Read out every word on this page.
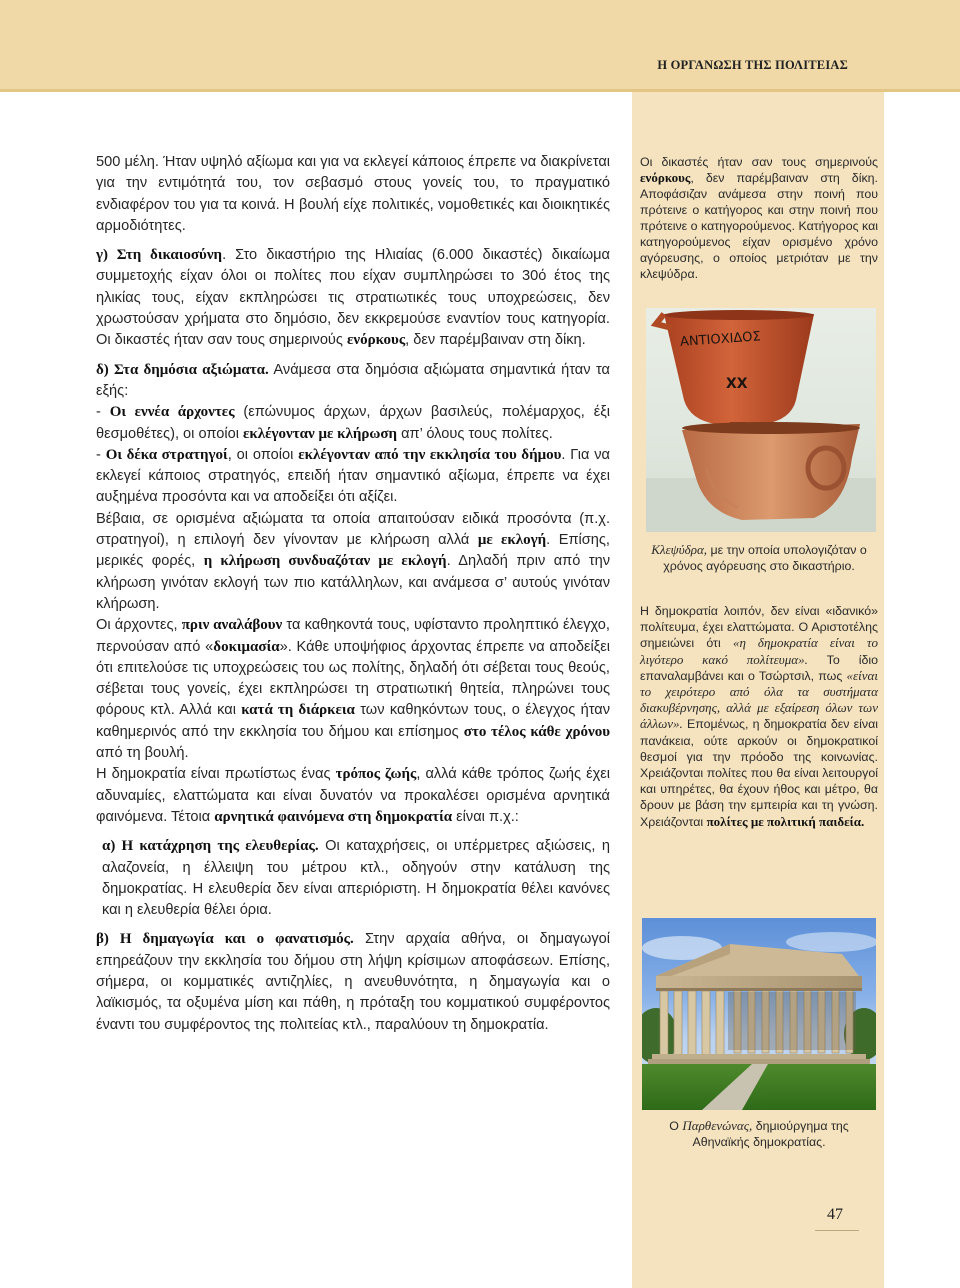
Η ΟΡΓΑΝΩΣΗ ΤΗΣ ΠΟΛΙΤΕΙΑΣ

500 μέλη. Ήταν υψηλό αξίωμα και για να εκλεγεί κάποιος έπρεπε να διακρίνεται για την εντιμότητά του, τον σεβασμό στους γονείς του, το πραγματικό ενδιαφέρον του για τα κοινά. Η βουλή είχε πολιτικές, νομοθετικές και διοικητικές αρμοδιότητες.

γ) Στη δικαιοσύνη. Στο δικαστήριο της Ηλιαίας (6.000 δικαστές) δικαίωμα συμμετοχής είχαν όλοι οι πολίτες που είχαν συμπληρώσει το 30ό έτος της ηλικίας τους, είχαν εκπληρώσει τις στρατιωτικές τους υποχρεώσεις, δεν χρωστούσαν χρήματα στο δημόσιο, δεν εκκρεμούσε εναντίον τους κατηγορία. Οι δικαστές ήταν σαν τους σημερινούς ενόρκους, δεν παρέμβαιναν στη δίκη.

δ) Στα δημόσια αξιώματα. Ανάμεσα στα δημόσια αξιώματα σημαντικά ήταν τα εξής:

- Οι εννέα άρχοντες (επώνυμος άρχων, άρχων βασιλεύς, πολέμαρχος, έξι θεσμοθέτες), οι οποίοι εκλέγονταν με κλήρωση απ’ όλους τους πολίτες.

- Οι δέκα στρατηγοί, οι οποίοι εκλέγονταν από την εκκλησία του δήμου. Για να εκλεγεί κάποιος στρατηγός, επειδή ήταν σημαντικό αξίωμα, έπρεπε να έχει αυξημένα προσόντα και να αποδείξει ότι αξίζει.

Βέβαια, σε ορισμένα αξιώματα τα οποία απαιτούσαν ειδικά προσόντα (π.χ. στρατηγοί), η επιλογή δεν γίνονταν με κλήρωση αλλά με εκλογή. Επίσης, μερικές φορές, η κλήρωση συνδυαζόταν με εκλογή. Δηλαδή πριν από την κλήρωση γινόταν εκλογή των πιο κατάλληλων, και ανάμεσα σ’ αυτούς γινόταν κλήρωση.

Οι άρχοντες, πριν αναλάβουν τα καθηκοντά τους, υφίσταντο προληπτικό έλεγχο, περνούσαν από «δοκιμασία». Κάθε υποψήφιος άρχοντας έπρεπε να αποδείξει ότι επιτελούσε τις υποχρεώσεις του ως πολίτης, δηλαδή ότι σέβεται τους θεούς, σέβεται τους γονείς, έχει εκπληρώσει τη στρατιωτική θητεία, πληρώνει τους φόρους κτλ. Αλλά και κατά τη διάρκεια των καθηκόντων τους, ο έλεγχος ήταν καθημερινός από την εκκλησία του δήμου και επίσημος στο τέλος κάθε χρόνου από τη βουλή.

Η δημοκρατία είναι πρωτίστως ένας τρόπος ζωής, αλλά κάθε τρόπος ζωής έχει αδυναμίες, ελαττώματα και είναι δυνατόν να προκαλέσει ορισμένα αρνητικά φαινόμενα. Τέτοια αρνητικά φαινόμενα στη δημοκρατία είναι π.χ.:

α) Η κατάχρηση της ελευθερίας. Οι καταχρήσεις, οι υπέρμετρες αξιώσεις, η αλαζονεία, η έλλειψη του μέτρου κτλ., οδηγούν στην κατάλυση της δημοκρατίας. Η ελευθερία δεν είναι απεριόριστη. Η δημοκρατία θέλει κανόνες και η ελευθερία θέλει όρια.

β) Η δημαγωγία και ο φανατισμός. Στην αρχαία αθήνα, οι δημαγωγοί επηρεάζουν την εκκλησία του δήμου στη λήψη κρίσιμων αποφάσεων. Επίσης, σήμερα, οι κομματικές αντιζηλίες, η ανευθυνότητα, η δημαγωγία και ο λαϊκισμός, τα οξυμένα μίση και πάθη, η πρόταξη του κομματικού συμφέροντος έναντι του συμφέροντος της πολιτείας κτλ., παραλύουν τη δημοκρατία.

Οι δικαστές ήταν σαν τους σημερινούς ενόρκους, δεν παρέμβαιναν στη δίκη. Αποφάσιζαν ανάμεσα στην ποινή που πρότεινε ο κατήγορος και στην ποινή που πρότεινε ο κατηγορούμενος. Κατήγορος και κατηγορούμενος είχαν ορισμένο χρόνο αγόρευσης, ο οποίος μετριόταν με την κλεψύδρα.
ΑΝΤΙΟΧΙΔΟΣ
ΧΧ
Κλεψύδρα, με την οποία υπολογιζόταν ο χρόνος αγόρευσης στο δικαστήριο.
Η δημοκρατία λοιπόν, δεν είναι «ιδανικό» πολίτευμα, έχει ελαττώματα. Ο Αριστοτέλης σημειώνει ότι «η δημοκρατία είναι το λιγότερο κακό πολίτευμα». Το ίδιο επαναλαμβάνει και ο Τσώρτσιλ, πως «είναι το χειρότερο από όλα τα συστήματα διακυβέρνησης, αλλά με εξαίρεση όλων των άλλων». Επομένως, η δημοκρατία δεν είναι πανάκεια, ούτε αρκούν οι δημοκρατικοί θεσμοί για την πρόοδο της κοινωνίας. Χρειάζονται πολίτες που θα είναι λειτουργοί και υπηρέτες, θα έχουν ήθος και μέτρο, θα δρουν με βάση την εμπειρία και τη γνώση. Χρειάζονται πολίτες με πολιτική παιδεία.
Ο Παρθενώνας, δημιούργημα της Αθηναϊκής δημοκρατίας.
47
